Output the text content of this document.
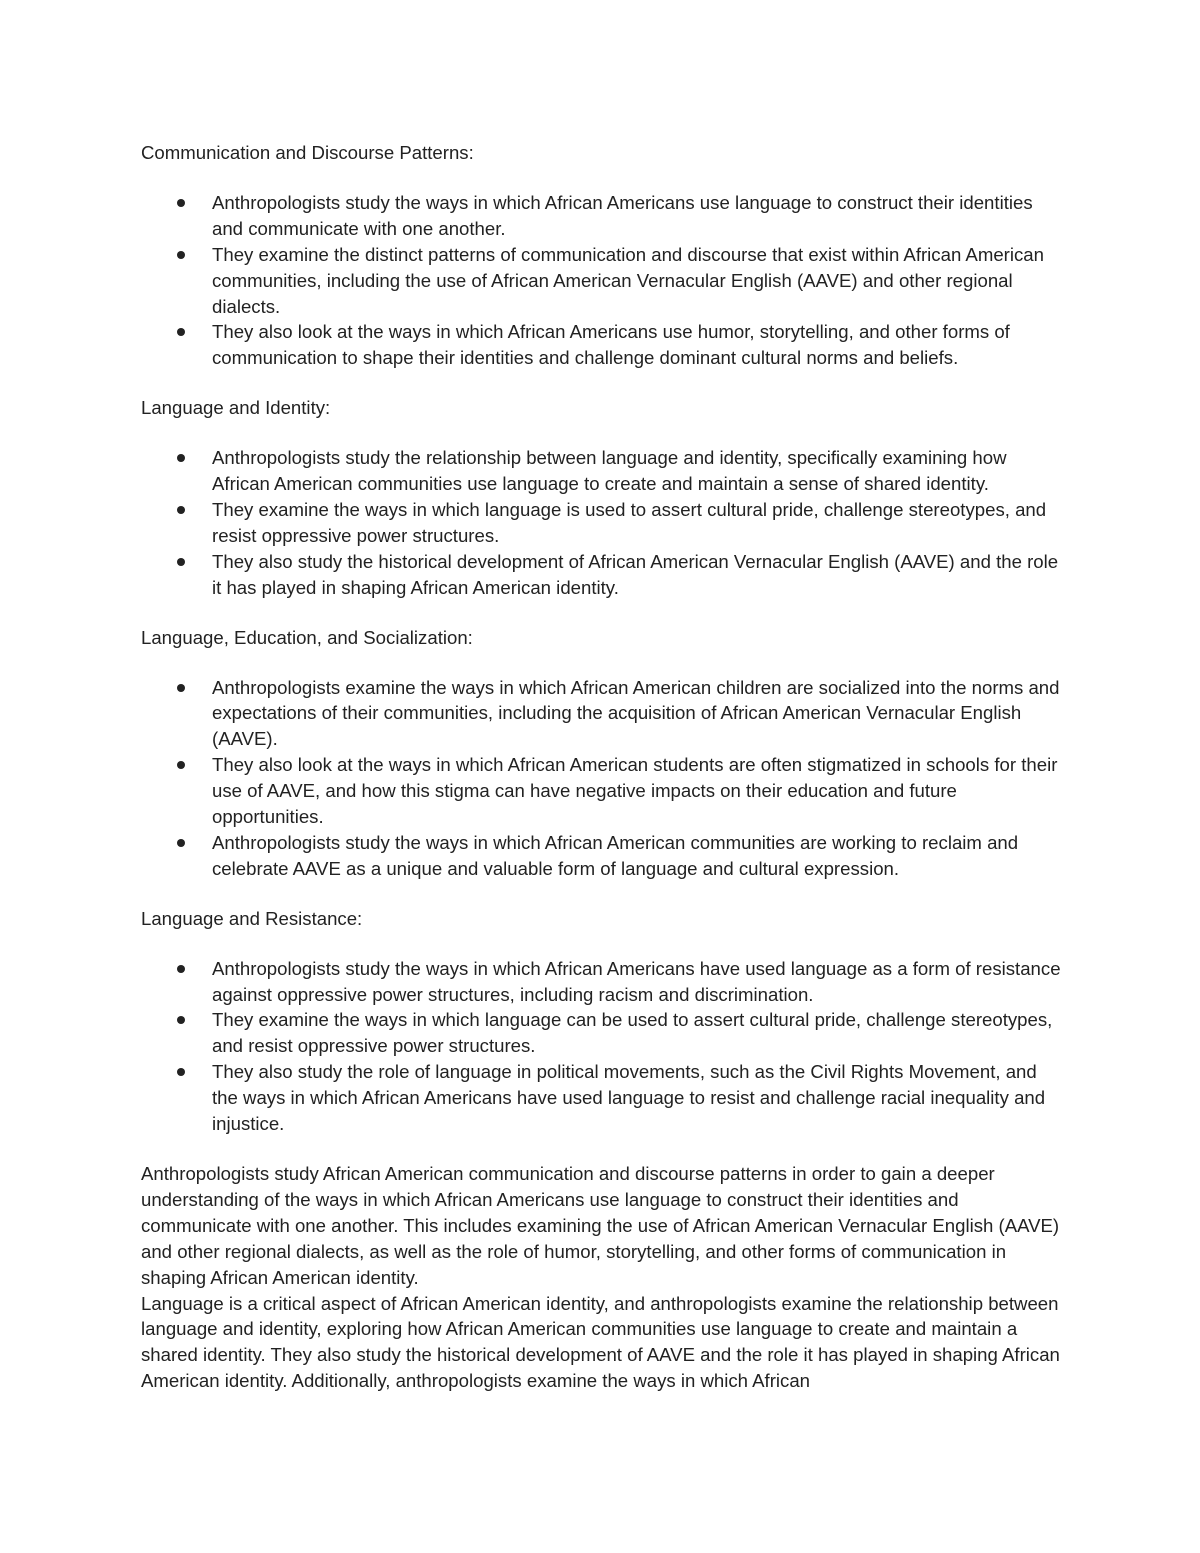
Communication and Discourse Patterns:

Anthropologists study the ways in which African Americans use language to construct their identities and communicate with one another.
They examine the distinct patterns of communication and discourse that exist within African American communities, including the use of African American Vernacular English (AAVE) and other regional dialects.
They also look at the ways in which African Americans use humor, storytelling, and other forms of communication to shape their identities and challenge dominant cultural norms and beliefs.

Language and Identity:

Anthropologists study the relationship between language and identity, specifically examining how African American communities use language to create and maintain a sense of shared identity.
They examine the ways in which language is used to assert cultural pride, challenge stereotypes, and resist oppressive power structures.
They also study the historical development of African American Vernacular English (AAVE) and the role it has played in shaping African American identity.

Language, Education, and Socialization:

Anthropologists examine the ways in which African American children are socialized into the norms and expectations of their communities, including the acquisition of African American Vernacular English (AAVE).
They also look at the ways in which African American students are often stigmatized in schools for their use of AAVE, and how this stigma can have negative impacts on their education and future opportunities.
Anthropologists study the ways in which African American communities are working to reclaim and celebrate AAVE as a unique and valuable form of language and cultural expression.

Language and Resistance:

Anthropologists study the ways in which African Americans have used language as a form of resistance against oppressive power structures, including racism and discrimination.
They examine the ways in which language can be used to assert cultural pride, challenge stereotypes, and resist oppressive power structures.
They also study the role of language in political movements, such as the Civil Rights Movement, and the ways in which African Americans have used language to resist and challenge racial inequality and injustice.

Anthropologists study African American communication and discourse patterns in order to gain a deeper understanding of the ways in which African Americans use language to construct their identities and communicate with one another. This includes examining the use of African American Vernacular English (AAVE) and other regional dialects, as well as the role of humor, storytelling, and other forms of communication in shaping African American identity.

Language is a critical aspect of African American identity, and anthropologists examine the relationship between language and identity, exploring how African American communities use language to create and maintain a shared identity. They also study the historical development of AAVE and the role it has played in shaping African American identity. Additionally, anthropologists examine the ways in which African
